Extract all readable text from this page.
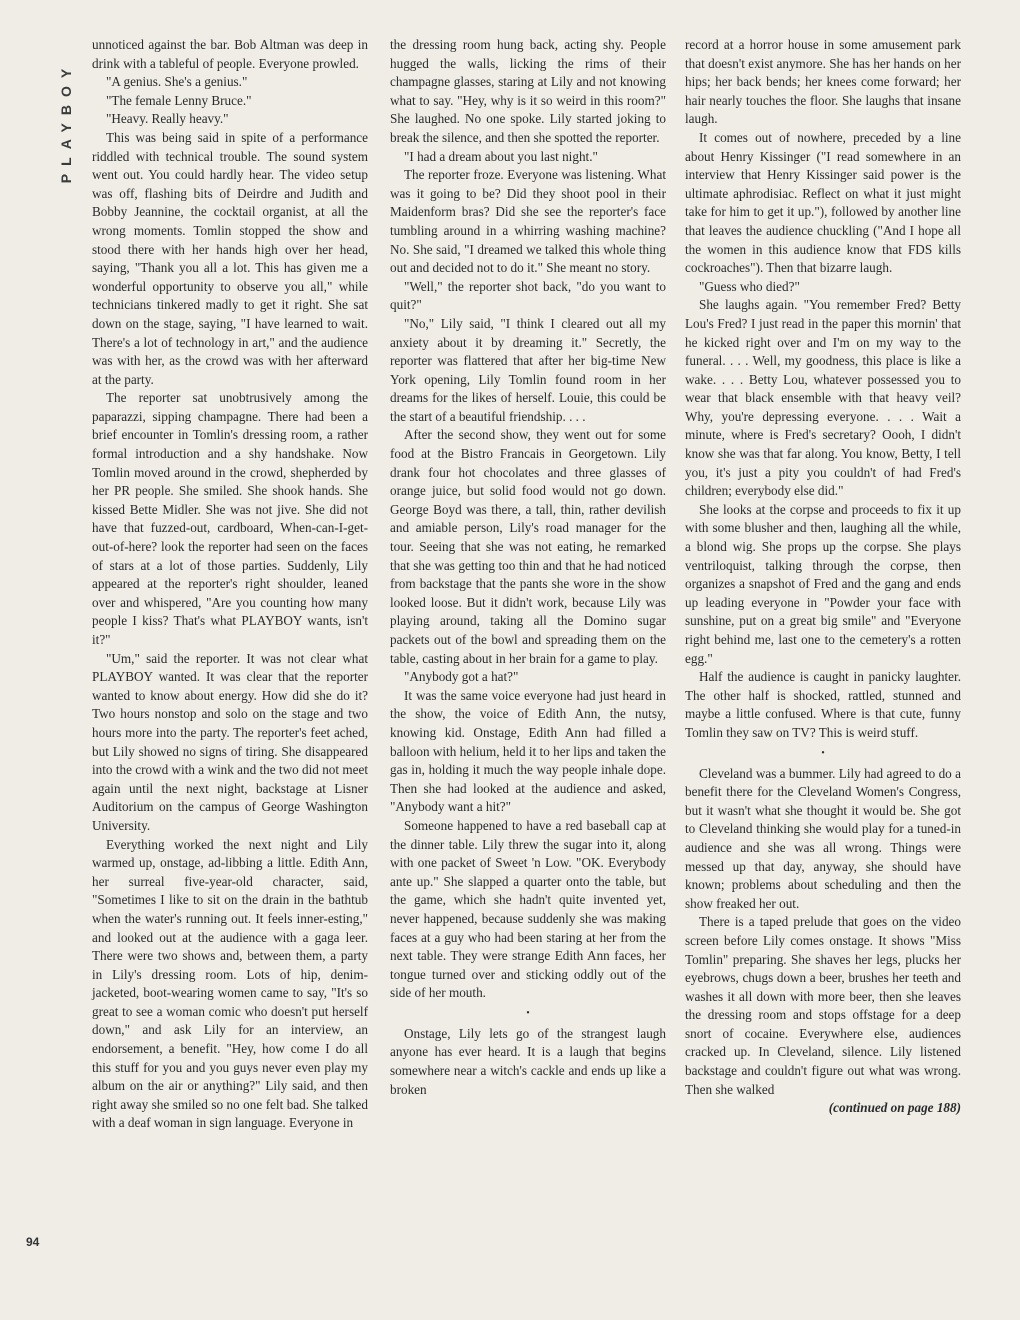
PLAYBOY
94

unnoticed against the bar. Bob Altman was deep in drink with a tableful of people. Everyone prowled.

"A genius. She's a genius."

"The female Lenny Bruce."

"Heavy. Really heavy."

This was being said in spite of a performance riddled with technical trouble. The sound system went out. You could hardly hear. The video setup was off, flashing bits of Deirdre and Judith and Bobby Jeannine, the cocktail organist, at all the wrong moments. Tomlin stopped the show and stood there with her hands high over her head, saying, "Thank you all a lot. This has given me a wonderful opportunity to observe you all," while technicians tinkered madly to get it right. She sat down on the stage, saying, "I have learned to wait. There's a lot of technology in art," and the audience was with her, as the crowd was with her afterward at the party.

The reporter sat unobtrusively among the paparazzi, sipping champagne. There had been a brief encounter in Tomlin's dressing room, a rather formal introduction and a shy handshake. Now Tomlin moved around in the crowd, shepherded by her PR people. She smiled. She shook hands. She kissed Bette Midler. She was not jive. She did not have that fuzzed-out, cardboard, When-can-I-get-out-of-here? look the reporter had seen on the faces of stars at a lot of those parties. Suddenly, Lily appeared at the reporter's right shoulder, leaned over and whispered, "Are you counting how many people I kiss? That's what PLAYBOY wants, isn't it?"

"Um," said the reporter. It was not clear what PLAYBOY wanted. It was clear that the reporter wanted to know about energy. How did she do it? Two hours nonstop and solo on the stage and two hours more into the party. The reporter's feet ached, but Lily showed no signs of tiring. She disappeared into the crowd with a wink and the two did not meet again until the next night, backstage at Lisner Auditorium on the campus of George Washington University.

Everything worked the next night and Lily warmed up, onstage, ad-libbing a little. Edith Ann, her surreal five-year-old character, said, "Sometimes I like to sit on the drain in the bathtub when the water's running out. It feels inner-esting," and looked out at the audience with a gaga leer. There were two shows and, between them, a party in Lily's dressing room. Lots of hip, denim-jacketed, boot-wearing women came to say, "It's so great to see a woman comic who doesn't put herself down," and ask Lily for an interview, an endorsement, a benefit. "Hey, how come I do all this stuff for you and you guys never even play my album on the air or anything?" Lily said, and then right away she smiled so no one felt bad. She talked with a deaf woman in sign language. Everyone in

the dressing room hung back, acting shy. People hugged the walls, licking the rims of their champagne glasses, staring at Lily and not knowing what to say. "Hey, why is it so weird in this room?" She laughed. No one spoke. Lily started joking to break the silence, and then she spotted the reporter.

"I had a dream about you last night."

The reporter froze. Everyone was listening. What was it going to be? Did they shoot pool in their Maidenform bras? Did she see the reporter's face tumbling around in a whirring washing machine? No. She said, "I dreamed we talked this whole thing out and decided not to do it." She meant no story.

"Well," the reporter shot back, "do you want to quit?"

"No," Lily said, "I think I cleared out all my anxiety about it by dreaming it." Secretly, the reporter was flattered that after her big-time New York opening, Lily Tomlin found room in her dreams for the likes of herself. Louie, this could be the start of a beautiful friendship. . . .

After the second show, they went out for some food at the Bistro Francais in Georgetown. Lily drank four hot chocolates and three glasses of orange juice, but solid food would not go down. George Boyd was there, a tall, thin, rather devilish and amiable person, Lily's road manager for the tour. Seeing that she was not eating, he remarked that she was getting too thin and that he had noticed from backstage that the pants she wore in the show looked loose. But it didn't work, because Lily was playing around, taking all the Domino sugar packets out of the bowl and spreading them on the table, casting about in her brain for a game to play.

"Anybody got a hat?"

It was the same voice everyone had just heard in the show, the voice of Edith Ann, the nutsy, knowing kid. Onstage, Edith Ann had filled a balloon with helium, held it to her lips and taken the gas in, holding it much the way people inhale dope. Then she had looked at the audience and asked, "Anybody want a hit?"

Someone happened to have a red baseball cap at the dinner table. Lily threw the sugar into it, along with one packet of Sweet 'n Low. "OK. Everybody ante up." She slapped a quarter onto the table, but the game, which she hadn't quite invented yet, never happened, because suddenly she was making faces at a guy who had been staring at her from the next table. They were strange Edith Ann faces, her tongue turned over and sticking oddly out of the side of her mouth.

•

Onstage, Lily lets go of the strangest laugh anyone has ever heard. It is a laugh that begins somewhere near a witch's cackle and ends up like a broken

record at a horror house in some amusement park that doesn't exist anymore. She has her hands on her hips; her back bends; her knees come forward; her hair nearly touches the floor. She laughs that insane laugh.

It comes out of nowhere, preceded by a line about Henry Kissinger ("I read somewhere in an interview that Henry Kissinger said power is the ultimate aphrodisiac. Reflect on what it just might take for him to get it up."), followed by another line that leaves the audience chuckling ("And I hope all the women in this audience know that FDS kills cockroaches"). Then that bizarre laugh.

"Guess who died?"

She laughs again. "You remember Fred? Betty Lou's Fred? I just read in the paper this mornin' that he kicked right over and I'm on my way to the funeral. . . . Well, my goodness, this place is like a wake. . . . Betty Lou, whatever possessed you to wear that black ensemble with that heavy veil? Why, you're depressing everyone. . . . Wait a minute, where is Fred's secretary? Oooh, I didn't know she was that far along. You know, Betty, I tell you, it's just a pity you couldn't of had Fred's children; everybody else did."

She looks at the corpse and proceeds to fix it up with some blusher and then, laughing all the while, a blond wig. She props up the corpse. She plays ventriloquist, talking through the corpse, then organizes a snapshot of Fred and the gang and ends up leading everyone in "Powder your face with sunshine, put on a great big smile" and "Everyone right behind me, last one to the cemetery's a rotten egg."

Half the audience is caught in panicky laughter. The other half is shocked, rattled, stunned and maybe a little confused. Where is that cute, funny Tomlin they saw on TV? This is weird stuff.

•

Cleveland was a bummer. Lily had agreed to do a benefit there for the Cleveland Women's Congress, but it wasn't what she thought it would be. She got to Cleveland thinking she would play for a tuned-in audience and she was all wrong. Things were messed up that day, anyway, she should have known; problems about scheduling and then the show freaked her out.

There is a taped prelude that goes on the video screen before Lily comes onstage. It shows "Miss Tomlin" preparing. She shaves her legs, plucks her eyebrows, chugs down a beer, brushes her teeth and washes it all down with more beer, then she leaves the dressing room and stops offstage for a deep snort of cocaine. Everywhere else, audiences cracked up. In Cleveland, silence. Lily listened backstage and couldn't figure out what was wrong. Then she walked

(continued on page 188)
